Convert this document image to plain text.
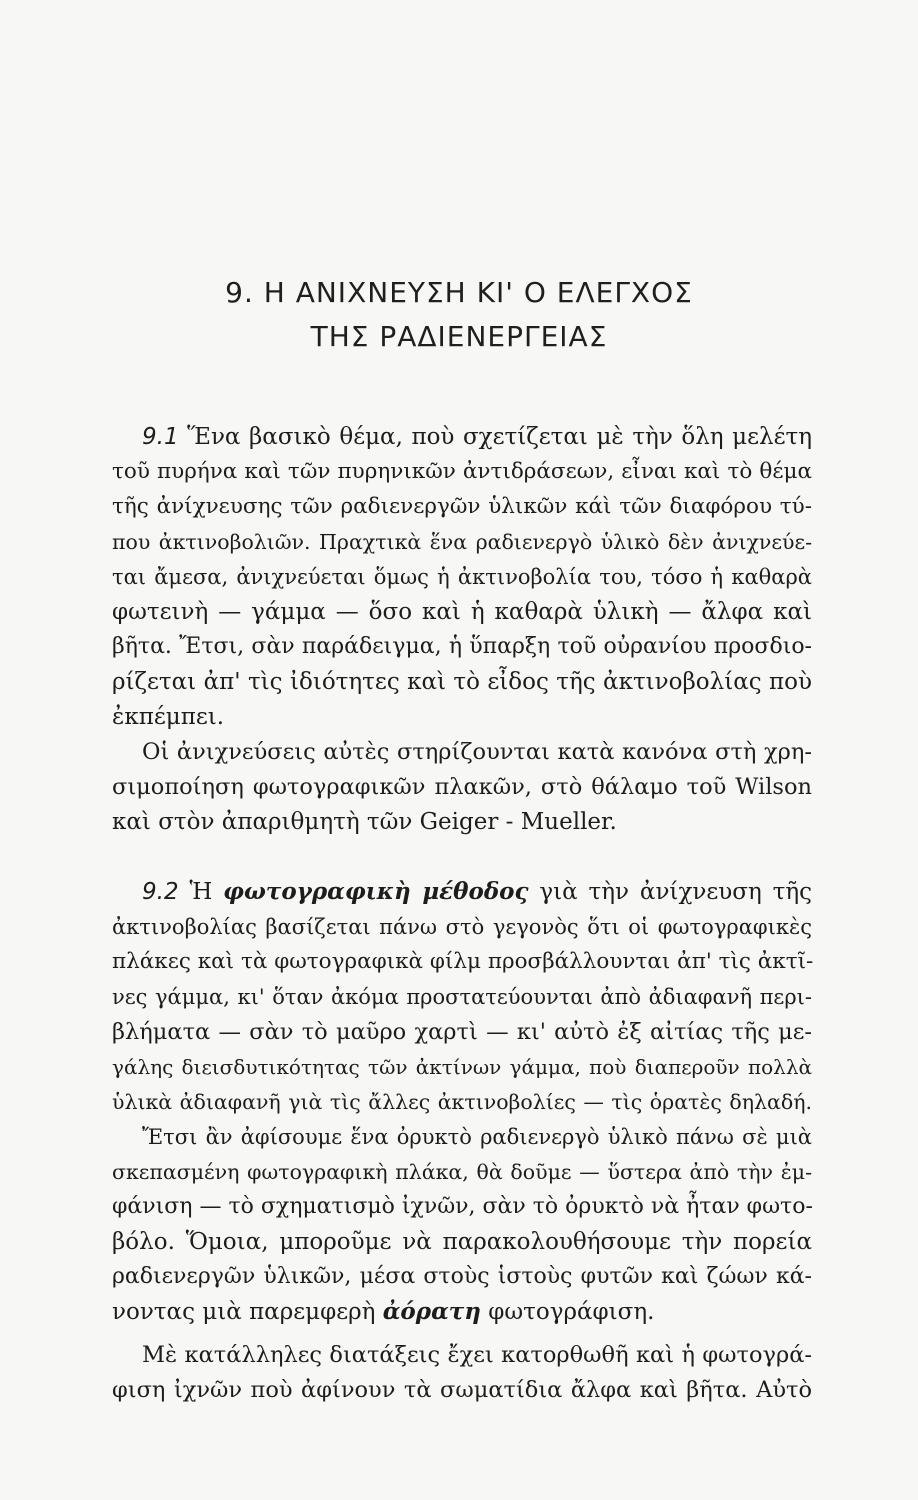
9. Η ΑΝΙΧΝΕΥΣΗ ΚΙ' Ο ΕΛΕΓΧΟΣ
ΤΗΣ ΡΑΔΙΕΝΕΡΓΕΙΑΣ
9.1 Ἕνα βασικὸ θέμα, ποὺ σχετίζεται μὲ τὴν ὅλη μελέτη
τοῦ πυρήνα καὶ τῶν πυρηνικῶν ἀντιδράσεων, εἶναι καὶ τὸ θέμα
τῆς ἀνίχνευσης τῶν ραδιενεργῶν ὑλικῶν κάὶ τῶν διαφόρου τύ-
που ἀκτινοβολιῶν. Πραχτικὰ ἕνα ραδιενεργὸ ὑλικὸ δὲν ἀνιχνεύε-
ται ἄμεσα, ἀνιχνεύεται ὅμως ἡ ἀκτινοβολία του, τόσο ἡ καθαρὰ
φωτεινὴ — γάμμα — ὅσο καὶ ἡ καθαρὰ ὑλικὴ — ἄλφα καὶ
βῆτα. Ἔτσι, σὰν παράδειγμα, ἡ ὕπαρξη τοῦ οὐρανίου προσδιο-
ρίζεται ἀπ' τὶς ἰδιότητες καὶ τὸ εἶδος τῆς ἀκτινοβολίας ποὺ
ἐκπέμπει.
Οἱ ἀνιχνεύσεις αὐτὲς στηρίζουνται κατὰ κανόνα στὴ χρη-
σιμοποίηση φωτογραφικῶν πλακῶν, στὸ θάλαμο τοῦ Wilson
καὶ στὸν ἀπαριθμητὴ τῶν Geiger - Mueller.
9.2 Ἡ φωτογραφικὴ μέθοδος γιὰ τὴν ἀνίχνευση τῆς
ἀκτινοβολίας βασίζεται πάνω στὸ γεγονὸς ὅτι οἱ φωτογραφικὲς
πλάκες καὶ τὰ φωτογραφικὰ φίλμ προσβάλλουνται ἀπ' τὶς ἀκτῖ-
νες γάμμα, κι' ὅταν ἀκόμα προστατεύουνται ἀπὸ ἀδιαφανῆ περι-
βλήματα — σὰν τὸ μαῦρο χαρτὶ — κι' αὐτὸ ἐξ αἰτίας τῆς με-
γάλης διεισδυτικότητας τῶν ἀκτίνων γάμμα, ποὺ διαπεροῦν πολλὰ
ὑλικὰ ἀδιαφανῆ γιὰ τὶς ἄλλες ἀκτινοβολίες — τὶς ὁρατὲς δηλαδή.
Ἔτσι ἂν ἀφίσουμε ἕνα ὀρυκτὸ ραδιενεργὸ ὑλικὸ πάνω σὲ μιὰ
σκεπασμένη φωτογραφικὴ πλάκα, θὰ δοῦμε — ὕστερα ἀπὸ τὴν ἐμ-
φάνιση — τὸ σχηματισμὸ ἰχνῶν, σὰν τὸ ὀρυκτὸ νὰ ἦταν φωτο-
βόλο. Ὅμοια, μποροῦμε νὰ παρακολουθήσουμε τὴν πορεία
ραδιενεργῶν ὑλικῶν, μέσα στοὺς ἱστοὺς φυτῶν καὶ ζώων κά-
νοντας μιὰ παρεμφερὴ ἀόρατη φωτογράφιση.
Μὲ κατάλληλες διατάξεις ἔχει κατορθωθῆ καὶ ἡ φωτογρά-
φιση ἰχνῶν ποὺ ἀφίνουν τὰ σωματίδια ἄλφα καὶ βῆτα. Αὐτὸ
